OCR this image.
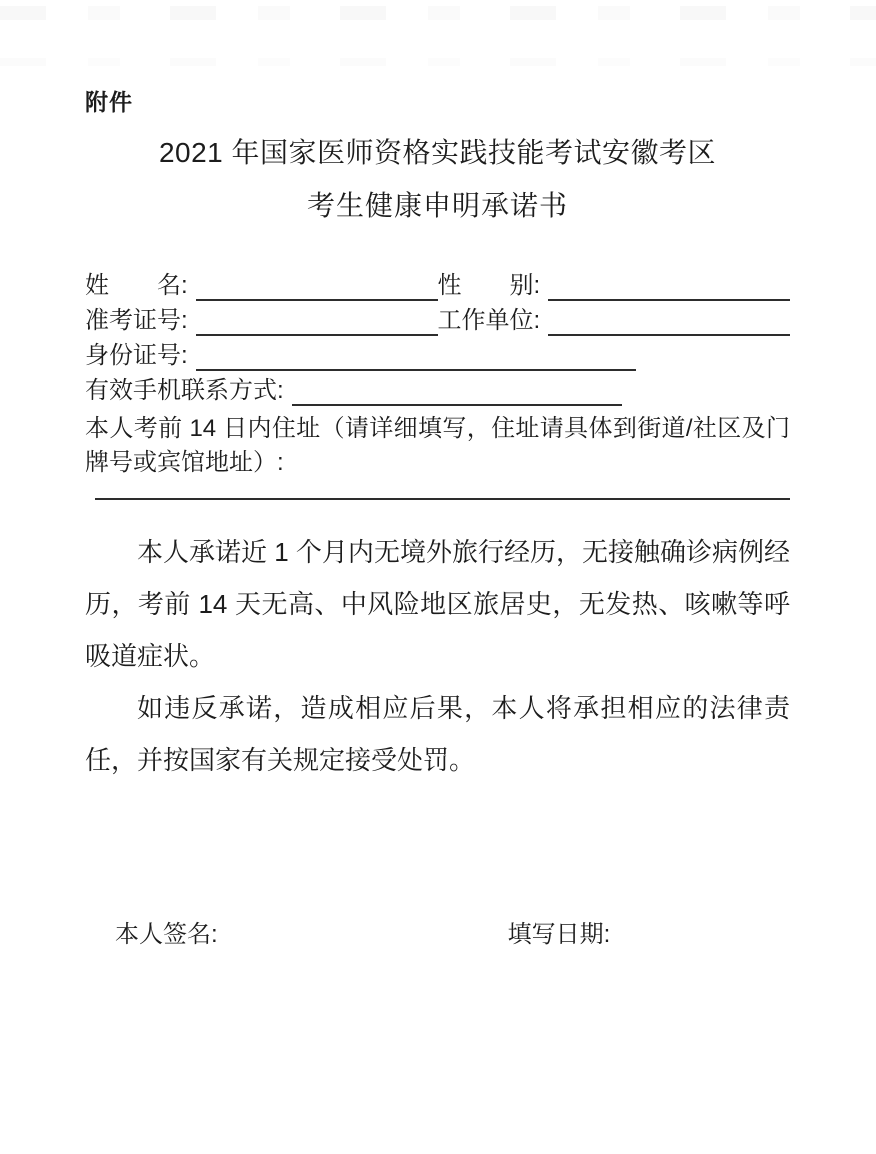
附件
2021 年国家医师资格实践技能考试安徽考区
考生健康申明承诺书
姓　　名:	性　　别:
准考证号:	工作单位:
身份证号:
有效手机联系方式:
本人考前 14 日内住址（请详细填写，住址请具体到街道/社区及门牌号或宾馆地址）:

本人承诺近 1 个月内无境外旅行经历，无接触确诊病例经历，考前 14 天无高、中风险地区旅居史，无发热、咳嗽等呼吸道症状。

如违反承诺，造成相应后果，本人将承担相应的法律责任，并按国家有关规定接受处罚。

本人签名:	填写日期:
